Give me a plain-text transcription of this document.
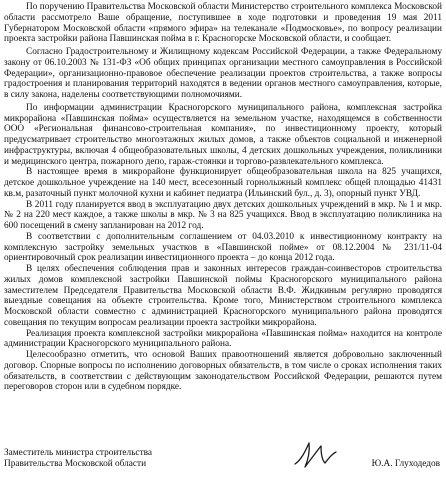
По поручению Правительства Московской области Министерство строительного комплекса Московской области рассмотрело Ваше обращение, поступившее в ходе подготовки и проведения 19 мая 2011 Губернатором Московской области «прямого эфира» на телеканале «Подмосковье», по вопросу реализации проекта застройки района Павшинская пойма в г. Красногорске Московской области, и сообщает.

Согласно Градостроительному и Жилищному кодексам Российской Федерации, а также Федеральному закону от 06.10.2003 № 131-ФЗ «Об общих принципах организации местного самоуправления в Российской Федерации», организационно-правовое обеспечение реализации проектов строительства, а также вопросы градостроения и планирования территорий находятся в ведении органов местного самоуправления, которые, в силу закона, наделены соответствующими полномочиями.

По информации администрации Красногорского муниципального района, комплексная застройка микрорайона «Павшинская пойма» осуществляется на земельном участке, находящемся в собственности ООО «Региональная финансово-строительная компания», по инвестиционному проекту, который предусматривает строительство многоэтажных жилых домов, а также объектов социальной и инженерной инфраструктуры, включая 4 общеобразовательных школы, 4 детских дошкольных учреждения, поликлиники и медицинского центра, пожарного депо, гараж-стоянки и торгово-развлекательного комплекса.

В настоящее время в микрорайоне функционирует общеобразовательная школа на 825 учащихся, детское дошкольное учреждение на 140 мест, всесезонный горнолыжный комплекс общей площадью 41431 кв.м, разаточный пункт молочной кухни и кабинет педиатра (Ильинский бул., д. 3), опорный пункт УВД.

В 2011 году планируется ввод в эксплуатацию двух детских дошкольных учреждений в мкр. № 1 и мкр. № 2 на 220 мест каждое, а также школы в мкр. № 3 на 825 учащихся. Ввод в эксплуатацию поликлиника на 600 посещений в смену запланирован на 2012 год.

В соответствии с дополнительным соглашением от 04.03.2010 к инвестиционному контракту на комплексную застройку земельных участков в «Павшинской пойме» от 08.12.2004 № 231/11-04 ориентировочный срок реализации инвестиционного проекта – до конца 2012 года.

В целях обеспечения соблюдения прав и законных интересов граждан-соинвесторов строительства жилых домов комплексной застройки Павшинской поймы Красногорского муниципального района заместителем Председателя Правительства Московской области В.Ф. Жидкиным регулярно проводятся выездные совещания на объекте строительства. Кроме того, Министерством строительного комплекса Московской области совместно с администрацией Красногорского муниципального района проводятся совещания по текущим вопросам реализации проекта застройки микрорайона.

Реализация проекта комплексной застройки микрорайона «Павшинская пойма» находится на контроле администрации Красногорского муниципального района.

Целесообразно отметить, что основой Ваших правоотношений является добровольно заключенный договор. Спорные вопросы по исполнению договорных обязательств, в том числе о сроках исполнения таких обязательств, в соответствии с действующим законодательством Российской Федерации, решаются путем переговоров сторон или в судебном порядке.

Заместитель министра строительства
Правительства Московской области	Ю.А. Глуходедов
